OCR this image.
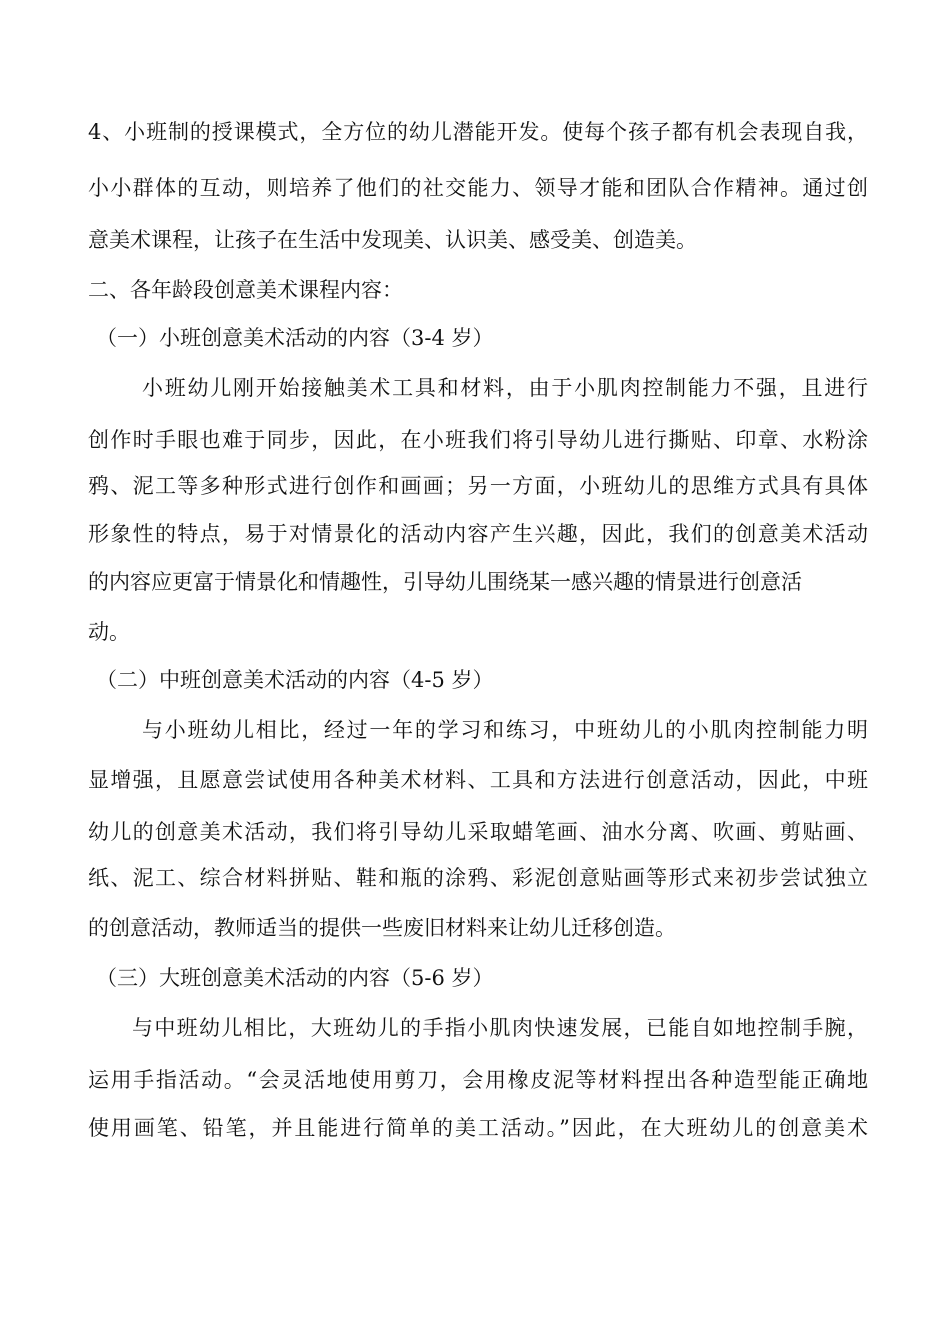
4、小班制的授课模式，全方位的幼儿潜能开发。使每个孩子都有机会表现自我，

小小群体的互动，则培养了他们的社交能力、领导才能和团队合作精神。通过创

意美术课程，让孩子在生活中发现美、认识美、感受美、创造美。

二、各年龄段创意美术课程内容：

（一）小班创意美术活动的内容（3-4 岁）

小班幼儿刚开始接触美术工具和材料，由于小肌肉控制能力不强，且进行

创作时手眼也难于同步，因此，在小班我们将引导幼儿进行撕贴、印章、水粉涂

鸦、泥工等多种形式进行创作和画画；另一方面，小班幼儿的思维方式具有具体

形象性的特点，易于对情景化的活动内容产生兴趣，因此，我们的创意美术活动

的内容应更富于情景化和情趣性，引导幼儿围绕某一感兴趣的情景进行创意活

动。

（二）中班创意美术活动的内容（4-5 岁）

与小班幼儿相比，经过一年的学习和练习，中班幼儿的小肌肉控制能力明

显增强，且愿意尝试使用各种美术材料、工具和方法进行创意活动，因此，中班

幼儿的创意美术活动，我们将引导幼儿采取蜡笔画、油水分离、吹画、剪贴画、

纸、泥工、综合材料拼贴、鞋和瓶的涂鸦、彩泥创意贴画等形式来初步尝试独立

的创意活动，教师适当的提供一些废旧材料来让幼儿迁移创造。

（三）大班创意美术活动的内容（5-6 岁）

与中班幼儿相比，大班幼儿的手指小肌肉快速发展，已能自如地控制手腕，

运用手指活动。“会灵活地使用剪刀，会用橡皮泥等材料捏出各种造型能正确地

使用画笔、铅笔，并且能进行简单的美工活动。”因此，在大班幼儿的创意美术
